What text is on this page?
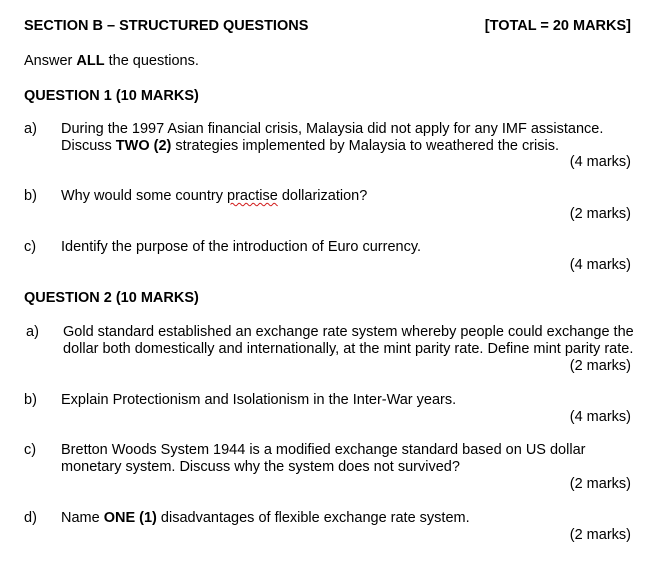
SECTION B – STRUCTURED QUESTIONS	[TOTAL = 20 MARKS]
Answer ALL the questions.
QUESTION 1 (10 MARKS)
a) During the 1997 Asian financial crisis, Malaysia did not apply for any IMF assistance.
Discuss TWO (2) strategies implemented by Malaysia to weathered the crisis.
(4 marks)
b) Why would some country practise dollarization?
(2 marks)
c) Identify the purpose of the introduction of Euro currency.
(4 marks)
QUESTION 2 (10 MARKS)
a) Gold standard established an exchange rate system whereby people could exchange the
dollar both domestically and internationally, at the mint parity rate. Define mint parity rate.
(2 marks)
b) Explain Protectionism and Isolationism in the Inter-War years.
(4 marks)
c) Bretton Woods System 1944 is a modified exchange standard based on US dollar
monetary system. Discuss why the system does not survived?
(2 marks)
d) Name ONE (1) disadvantages of flexible exchange rate system.
(2 marks)
